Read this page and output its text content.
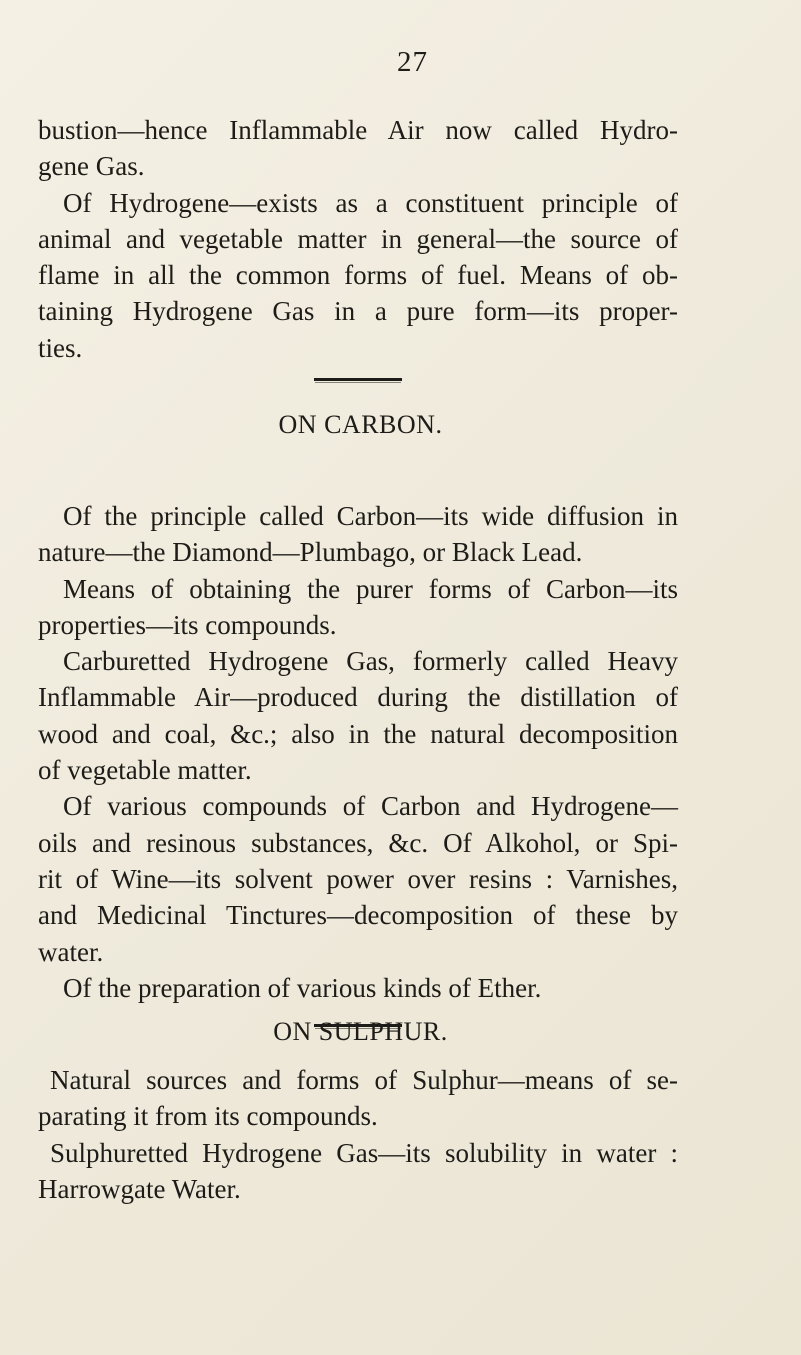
27
bustion—hence Inflammable Air now called Hydro-
gene Gas.
Of Hydrogene—exists as a constituent principle of
animal and vegetable matter in general—the source of
flame in all the common forms of fuel. Means of ob-
taining Hydrogene Gas in a pure form—its proper-
ties.
ON CARBON.
Of the principle called Carbon—its wide diffusion in
nature—the Diamond—Plumbago, or Black Lead.
Means of obtaining the purer forms of Carbon—its
properties—its compounds.
Carburetted Hydrogene Gas, formerly called Heavy
Inflammable Air—produced during the distillation of
wood and coal, &c.; also in the natural decomposition
of vegetable matter.
Of various compounds of Carbon and Hydrogene—
oils and resinous substances, &c. Of Alkohol, or Spi-
rit of Wine—its solvent power over resins : Varnishes,
and Medicinal Tinctures—decomposition of these by
water.
Of the preparation of various kinds of Ether.
ON SULPHUR.
Natural sources and forms of Sulphur—means of se-
parating it from its compounds.
Sulphuretted Hydrogene Gas—its solubility in water :
Harrowgate Water.
